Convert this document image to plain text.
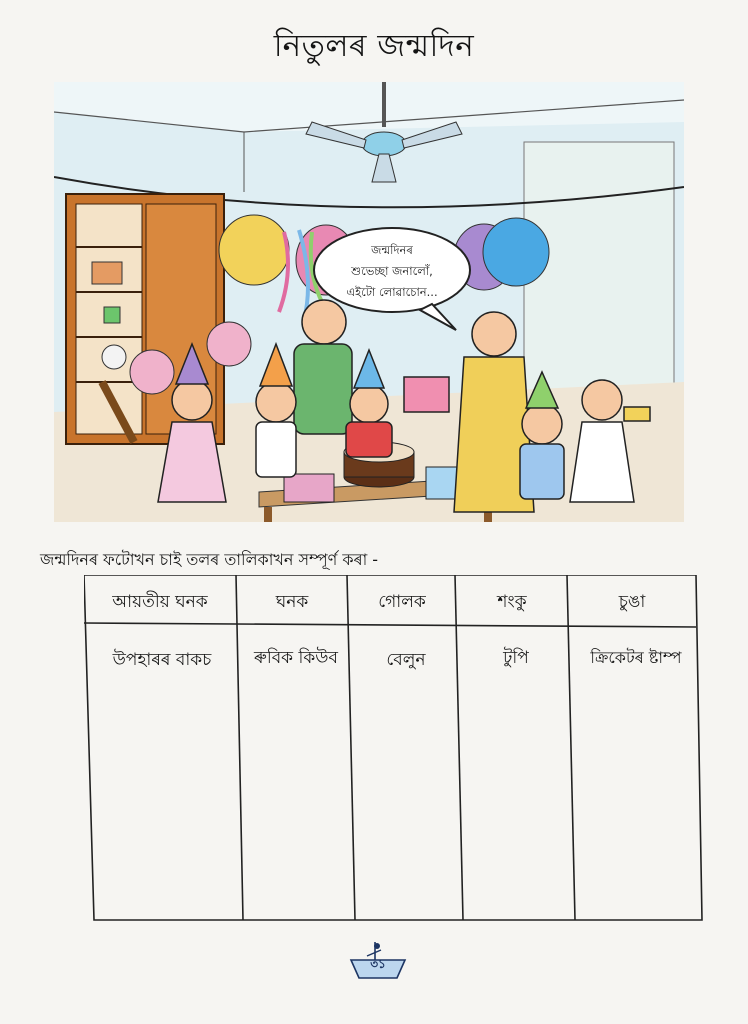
নিতুলৰ জন্মদিন
জন্মদিনৰ
শুভেচ্ছা জনালোঁ,
এইটো লোৱাচোন...
জন্মদিনৰ ফটোখন চাই তলৰ তালিকাখন সম্পূৰ্ণ কৰা -
আয়তীয় ঘনক	ঘনক	গোলক	শংকু	চুঙা
উপহাৰৰ বাকচ	ৰুবিক কিউব	বেলুন	টুপি	ক্ৰিকেটৰ ষ্টাম্প
৩১
